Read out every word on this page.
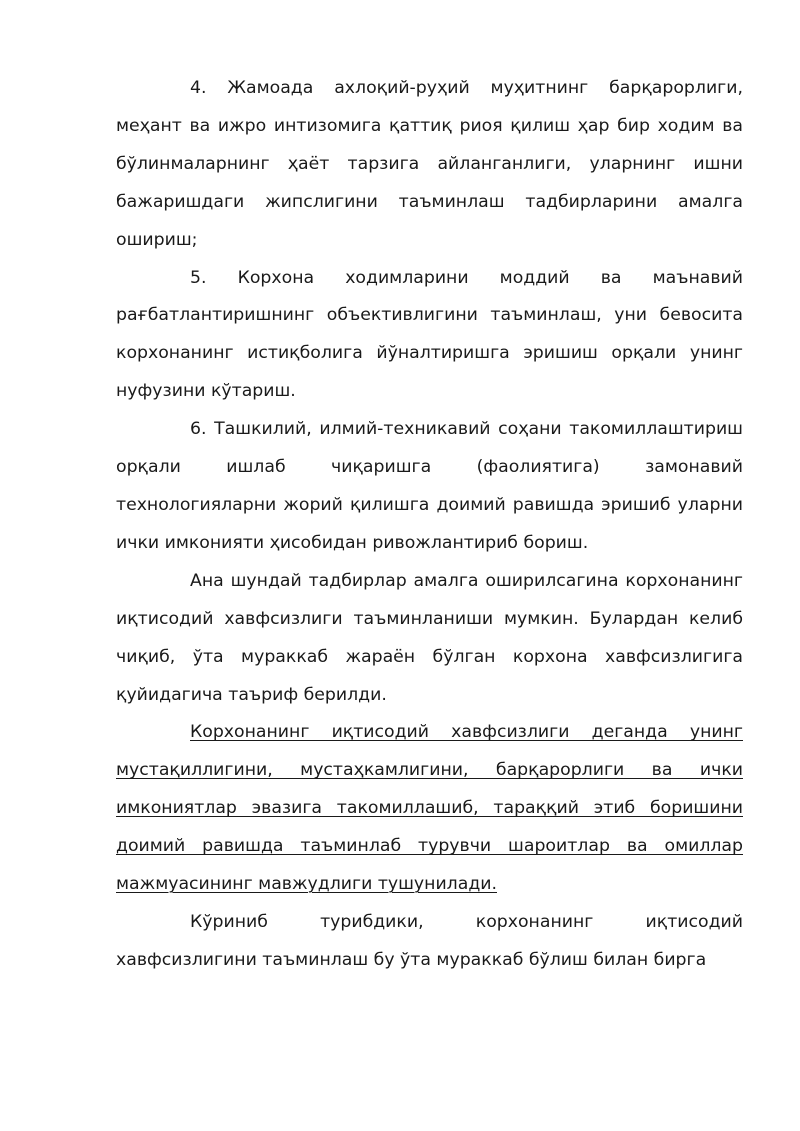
4. Жамоада ахлоқий-руҳий муҳитнинг барқарорлиги, меҳант ва ижро интизомига қаттиқ риоя қилиш ҳар бир ходим ва бўлинмаларнинг ҳаёт тарзига айланганлиги, уларнинг ишни бажаришдаги жипслигини таъминлаш тадбирларини амалга ошириш;

5. Корхона ходимларини моддий ва маънавий рағбатлантиришнинг объективлигини таъминлаш, уни бевосита корхонанинг истиқболига йўналтиришга эришиш орқали унинг нуфузини кўтариш.

6. Ташкилий, илмий-техникавий соҳани такомиллаштириш орқали ишлаб чиқаришга (фаолиятига) замонавий технологияларни жорий қилишга доимий равишда эришиб уларни ички имконияти ҳисобидан ривожлантириб бориш.

Ана шундай тадбирлар амалга оширилсагина корхонанинг иқтисодий хавфсизлиги таъминланиши мумкин. Булардан келиб чиқиб, ўта мураккаб жараён бўлган корхона хавфсизлигига қуйидагича таъриф берилди.

Корхонанинг иқтисодий хавфсизлиги деганда унинг мустақиллигини, мустаҳкамлигини, барқарорлиги ва ички имкониятлар эвазига такомиллашиб, тараққий этиб боришини доимий равишда таъминлаб турувчи шароитлар ва омиллар мажмуасининг мавжудлиги тушунилади.

Кўриниб турибдики, корхонанинг иқтисодий хавфсизлигини таъминлаш бу ўта мураккаб бўлиш билан бирга
